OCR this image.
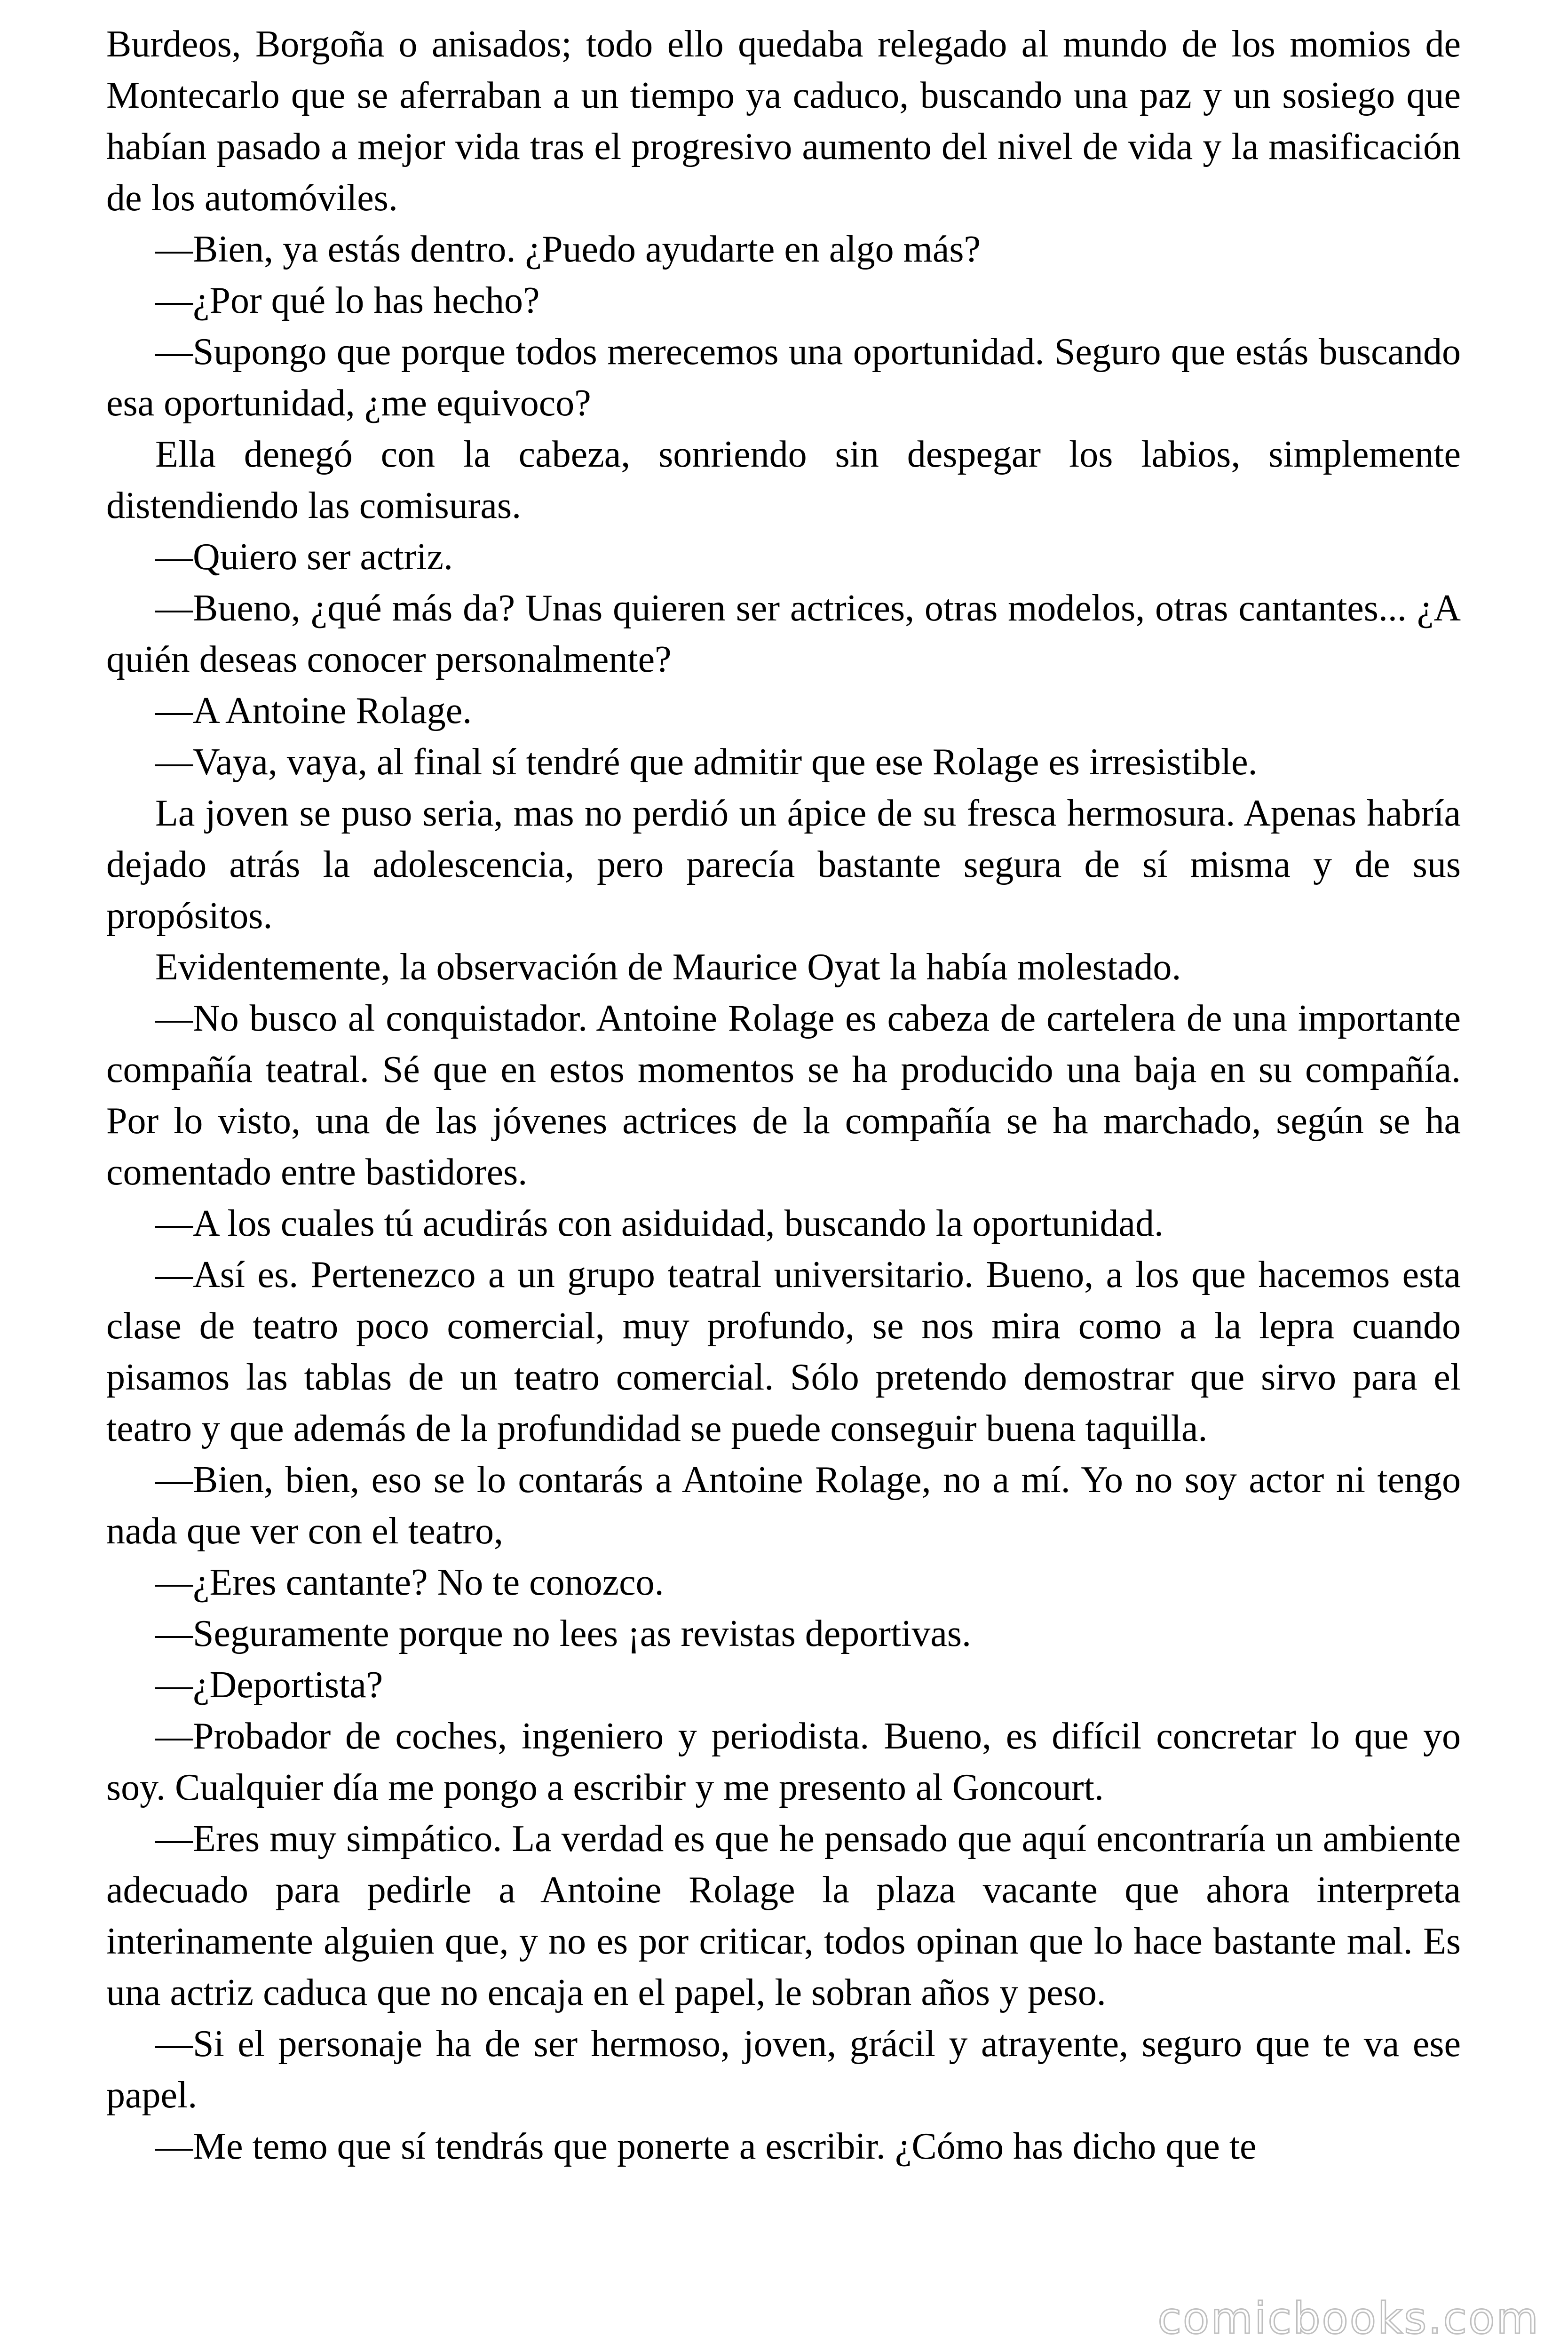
Burdeos, Borgoña o anisados; todo ello quedaba relegado al mundo de los momios de Montecarlo que se aferraban a un tiempo ya caduco, buscando una paz y un sosiego que habían pasado a mejor vida tras el progresivo aumento del nivel de vida y la masificación de los automóviles.

—Bien, ya estás dentro. ¿Puedo ayudarte en algo más?

—¿Por qué lo has hecho?

—Supongo que porque todos merecemos una oportunidad. Seguro que estás buscando esa oportunidad, ¿me equivoco?

Ella denegó con la cabeza, sonriendo sin despegar los labios, simplemente distendiendo las comisuras.

—Quiero ser actriz.

—Bueno, ¿qué más da? Unas quieren ser actrices, otras modelos, otras cantantes... ¿A quién deseas conocer personalmente?

—A Antoine Rolage.

—Vaya, vaya, al final sí tendré que admitir que ese Rolage es irresistible.

La joven se puso seria, mas no perdió un ápice de su fresca hermosura. Apenas habría dejado atrás la adolescencia, pero parecía bastante segura de sí misma y de sus propósitos.

Evidentemente, la observación de Maurice Oyat la había molestado.

—No busco al conquistador. Antoine Rolage es cabeza de cartelera de una importante compañía teatral. Sé que en estos momentos se ha producido una baja en su compañía. Por lo visto, una de las jóvenes actrices de la compañía se ha marchado, según se ha comentado entre bastidores.

—A los cuales tú acudirás con asiduidad, buscando la oportunidad.

—Así es. Pertenezco a un grupo teatral universitario. Bueno, a los que hacemos esta clase de teatro poco comercial, muy profundo, se nos mira como a la lepra cuando pisamos las tablas de un teatro comercial. Sólo pretendo demostrar que sirvo para el teatro y que además de la profundidad se puede conseguir buena taquilla.

—Bien, bien, eso se lo contarás a Antoine Rolage, no a mí. Yo no soy actor ni tengo nada que ver con el teatro,

—¿Eres cantante? No te conozco.

—Seguramente porque no lees ¡as revistas deportivas.

—¿Deportista?

—Probador de coches, ingeniero y periodista. Bueno, es difícil concretar lo que yo soy. Cualquier día me pongo a escribir y me presento al Goncourt.

—Eres muy simpático. La verdad es que he pensado que aquí encontraría un ambiente adecuado para pedirle a Antoine Rolage la plaza vacante que ahora interpreta interinamente alguien que, y no es por criticar, todos opinan que lo hace bastante mal. Es una actriz caduca que no encaja en el papel, le sobran años y peso.

—Si el personaje ha de ser hermoso, joven, grácil y atrayente, seguro que te va ese papel.

—Me temo que sí tendrás que ponerte a escribir. ¿Cómo has dicho que te

comicbooks.com
